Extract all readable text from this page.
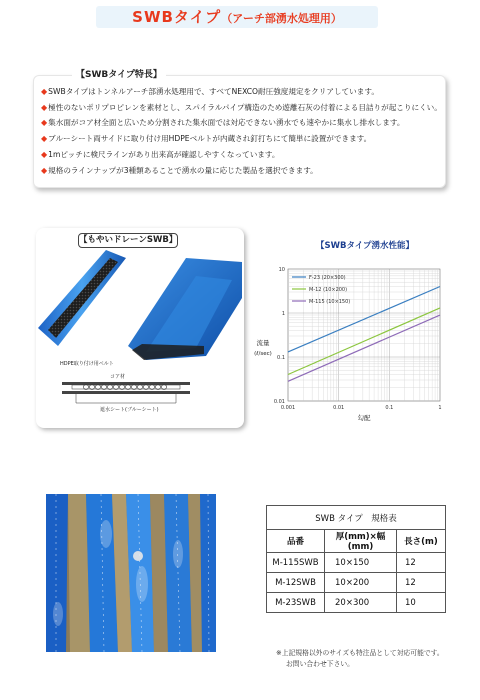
SWBタイプ（アーチ部湧水処理用）
【SWBタイプ特長】
◆SWBタイプはトンネルアーチ部湧水処理用で、すべてNEXCO耐圧強度規定をクリアしています。
◆極性のないポリプロピレンを素材とし、スパイラルパイプ構造のため遊離石灰の付着による目詰りが起こりにくい。
◆集水面がコア材全面と広いため分割された集水面では対応できない湧水でも速やかに集水し排水します。
◆ブルーシート両サイドに取り付け用HDPEベルトが内蔵され釘打ちにて簡単に設置ができます。
◆1mピッチに検尺ラインがあり出来高が確認しやすくなっています。
◆規格のラインナップが3種類あることで湧水の量に応じた製品を選択できます。
【もやいドレーンSWB】
HDPE取り付け用ベルト
コア材
遮水シート(ブルーシート)
【SWBタイプ湧水性能】
0.001	0.01	0.1	1
0.01
0.1
1
10
勾配
流量
(ℓ/sec)
F-23 (20×300)
M-12 (10×200)
M-115 (10×150)
SWB タイプ　規格表		
品番	厚(mm)×幅(mm)	長さ(m)
M-115SWB	10×150	12
M-12SWB	10×200	12
M-23SWB	20×300	10
※上記規格以外のサイズも特注品として対応可能です。
お問い合わせ下さい。
